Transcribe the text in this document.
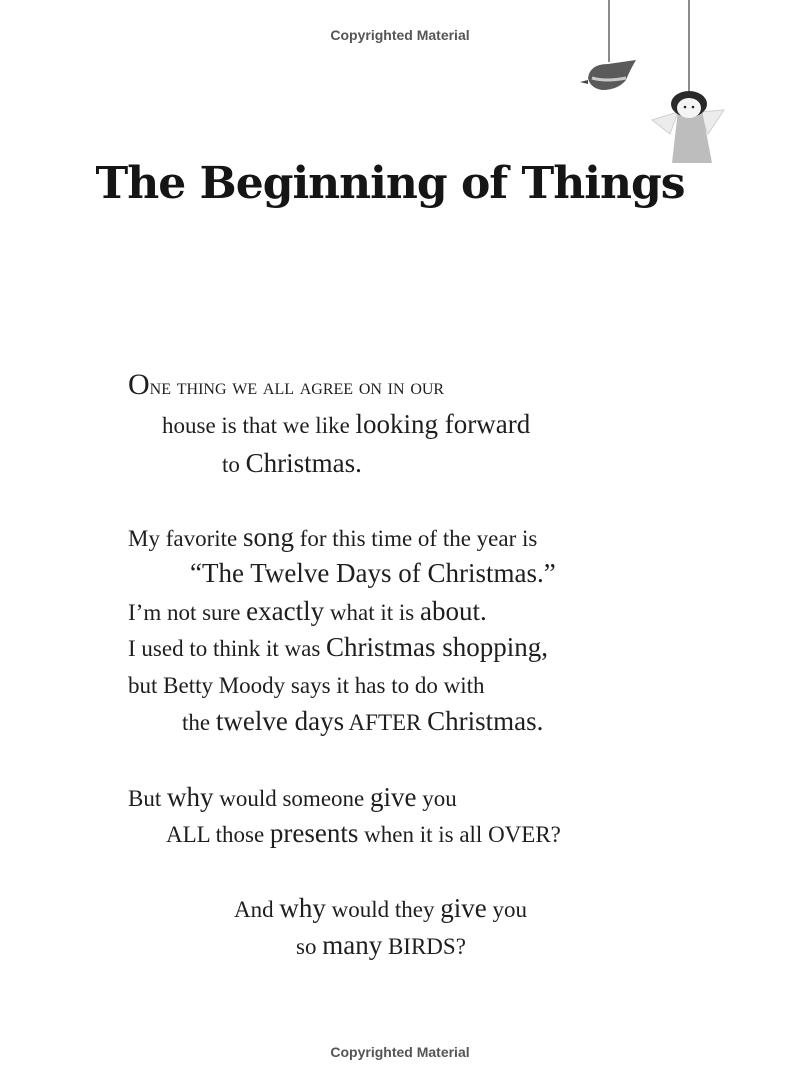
Copyrighted Material
The Beginning of Things
One thing we all agree on in our
house is that we like looking forward
to Christmas.
My favorite song for this time of the year is
“The Twelve Days of Christmas.”
I’m not sure exactly what it is about.
I used to think it was Christmas shopping,
but Betty Moody says it has to do with
the twelve days AFTER Christmas.
But why would someone give you
ALL those presents when it is all OVER?
And why would they give you
so many BIRDS?
Copyrighted Material
